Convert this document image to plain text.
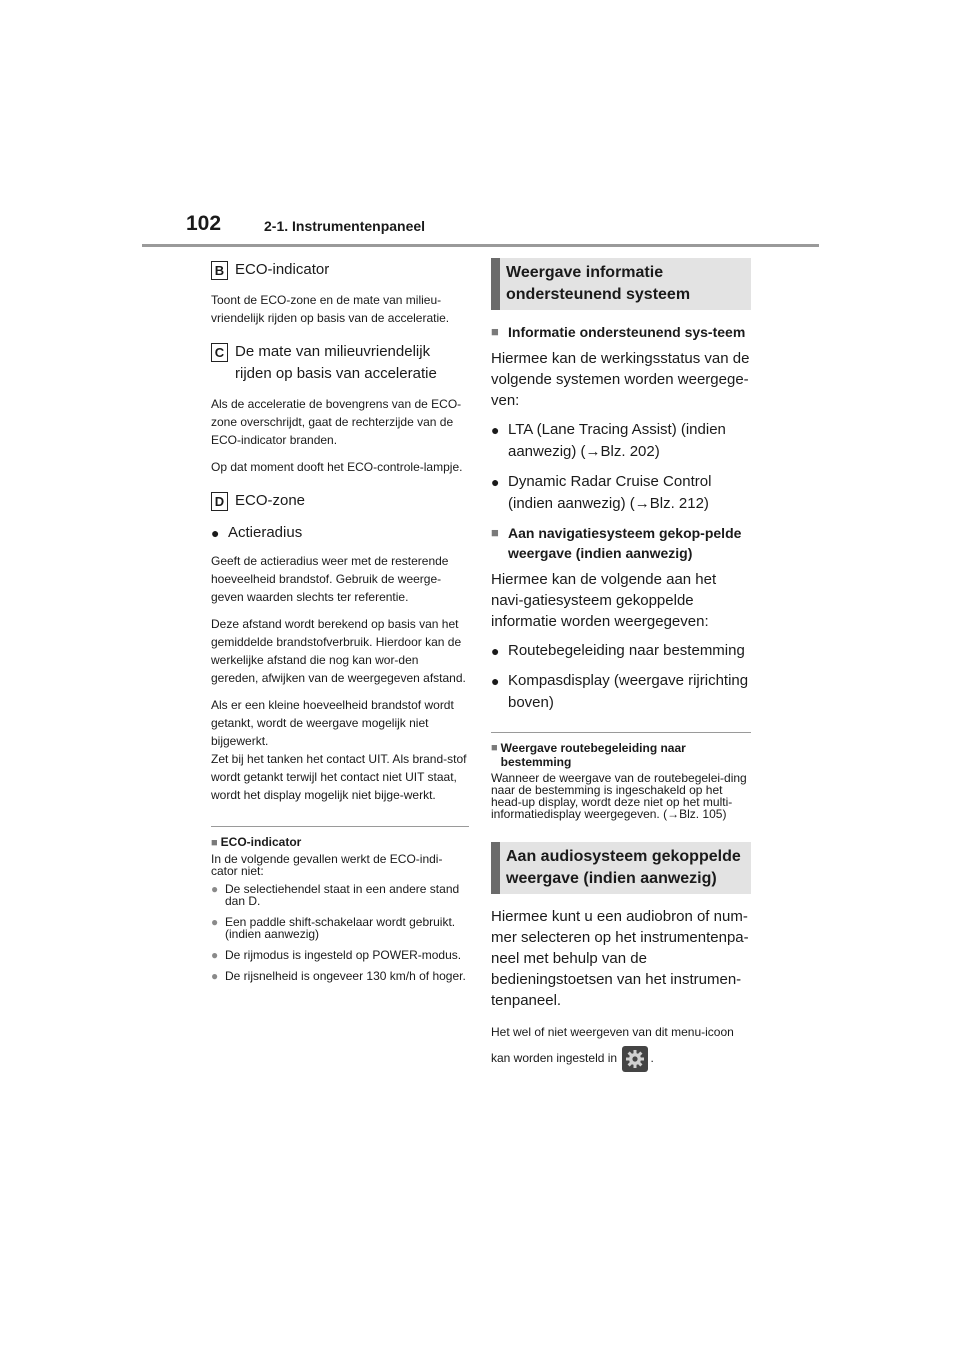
102	2-1. Instrumentenpaneel
B ECO-indicator

Toont de ECO-zone en de mate van milieu-vriendelijk rijden op basis van de acceleratie.

C De mate van milieuvriendelijk rijden op basis van acceleratie

Als de acceleratie de bovengrens van de ECO-zone overschrijdt, gaat de rechterzijde van de ECO-indicator branden.

Op dat moment dooft het ECO-controle-lampje.

D ECO-zone
● Actieradius

Geeft de actieradius weer met de resterende hoeveelheid brandstof. Gebruik de weerge-geven waarden slechts ter referentie.

Deze afstand wordt berekend op basis van het gemiddelde brandstofverbruik. Hierdoor kan de werkelijke afstand die nog kan wor-den gereden, afwijken van de weergegeven afstand.

Als er een kleine hoeveelheid brandstof wordt getankt, wordt de weergave mogelijk niet bijgewerkt.

Zet bij het tanken het contact UIT. Als brand-stof wordt getankt terwijl het contact niet UIT staat, wordt het display mogelijk niet bijge-werkt.

■ ECO-indicator
In de volgende gevallen werkt de ECO-indi-cator niet:
● De selectiehendel staat in een andere stand dan D.
● Een paddle shift-schakelaar wordt gebruikt. (indien aanwezig)
● De rijmodus is ingesteld op POWER-modus.
● De rijsnelheid is ongeveer 130 km/h of hoger.
Weergave informatie ondersteunend systeem
■ Informatie ondersteunend sys-teem
Hiermee kan de werkingsstatus van de volgende systemen worden weergege-ven:
● LTA (Lane Tracing Assist) (indien aanwezig) (→Blz. 202)
● Dynamic Radar Cruise Control (indien aanwezig) (→Blz. 212)
■ Aan navigatiesysteem gekop-pelde weergave (indien aanwezig)
Hiermee kan de volgende aan het navi-gatiesysteem gekoppelde informatie worden weergegeven:
● Routebegeleiding naar bestemming
● Kompasdisplay (weergave rijrichting boven)
■ Weergave routebegeleiding naar bestemming
Wanneer de weergave van de routebegelei-ding naar de bestemming is ingeschakeld op het head-up display, wordt deze niet op het multi-informatiedisplay weergegeven. (→Blz. 105)
Aan audiosysteem gekoppelde weergave (indien aanwezig)
Hiermee kunt u een audiobron of num-mer selecteren op het instrumentenpa-neel met behulp van de bedieningstoetsen van het instrumen-tenpaneel.
Het wel of niet weergeven van dit menu-icoon kan worden ingesteld in	.
